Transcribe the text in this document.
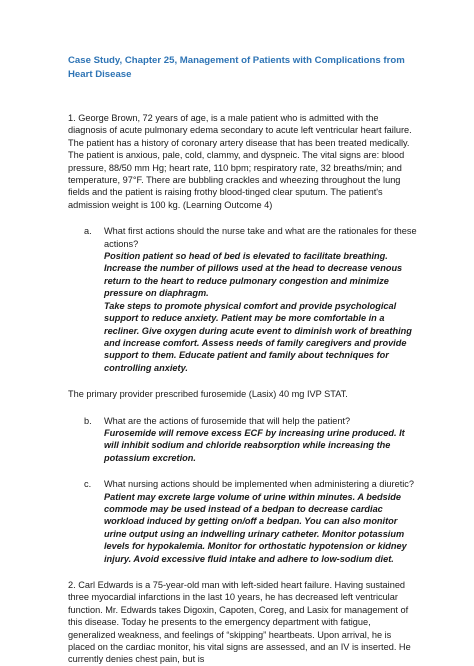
Case Study, Chapter 25, Management of Patients with Complications from Heart Disease

1. George Brown, 72 years of age, is a male patient who is admitted with the diagnosis of acute pulmonary edema secondary to acute left ventricular heart failure. The patient has a history of coronary artery disease that has been treated medically. The patient is anxious, pale, cold, clammy, and dyspneic. The vital signs are: blood pressure, 88/50 mm Hg; heart rate, 110 bpm; respiratory rate, 32 breaths/min; and temperature, 97°F. There are bubbling crackles and wheezing throughout the lung fields and the patient is raising frothy blood-tinged clear sputum. The patient's admission weight is 100 kg. (Learning Outcome 4)

a.	What first actions should the nurse take and what are the rationales for these actions?

Position patient so head of bed is elevated to facilitate breathing. Increase the number of pillows used at the head to decrease venous return to the heart to reduce pulmonary congestion and minimize pressure on diaphragm.

Take steps to promote physical comfort and provide psychological support to reduce anxiety. Patient may be more comfortable in a recliner. Give oxygen during acute event to diminish work of breathing and increase comfort. Assess needs of family caregivers and provide support to them. Educate patient and family about techniques for controlling anxiety.

The primary provider prescribed furosemide (Lasix) 40 mg IVP STAT.

b.	What are the actions of furosemide that will help the patient?

Furosemide will remove excess ECF by increasing urine produced. It will inhibit sodium and chloride reabsorption while increasing the potassium excretion.

c.	What nursing actions should be implemented when administering a diuretic?

Patient may excrete large volume of urine within minutes. A bedside commode may be used instead of a bedpan to decrease cardiac workload induced by getting on/off a bedpan. You can also monitor urine output using an indwelling urinary catheter. Monitor potassium levels for hypokalemia. Monitor for orthostatic hypotension or kidney injury. Avoid excessive fluid intake and adhere to low-sodium diet.

2. Carl Edwards is a 75-year-old man with left-sided heart failure. Having sustained three myocardial infarctions in the last 10 years, he has decreased left ventricular function. Mr. Edwards takes Digoxin, Capoten, Coreg, and Lasix for management of this disease. Today he presents to the emergency department with fatigue, generalized weakness, and feelings of “skipping” heartbeats. Upon arrival, he is placed on the cardiac monitor, his vital signs are assessed, and an IV is inserted. He currently denies chest pain, but is
